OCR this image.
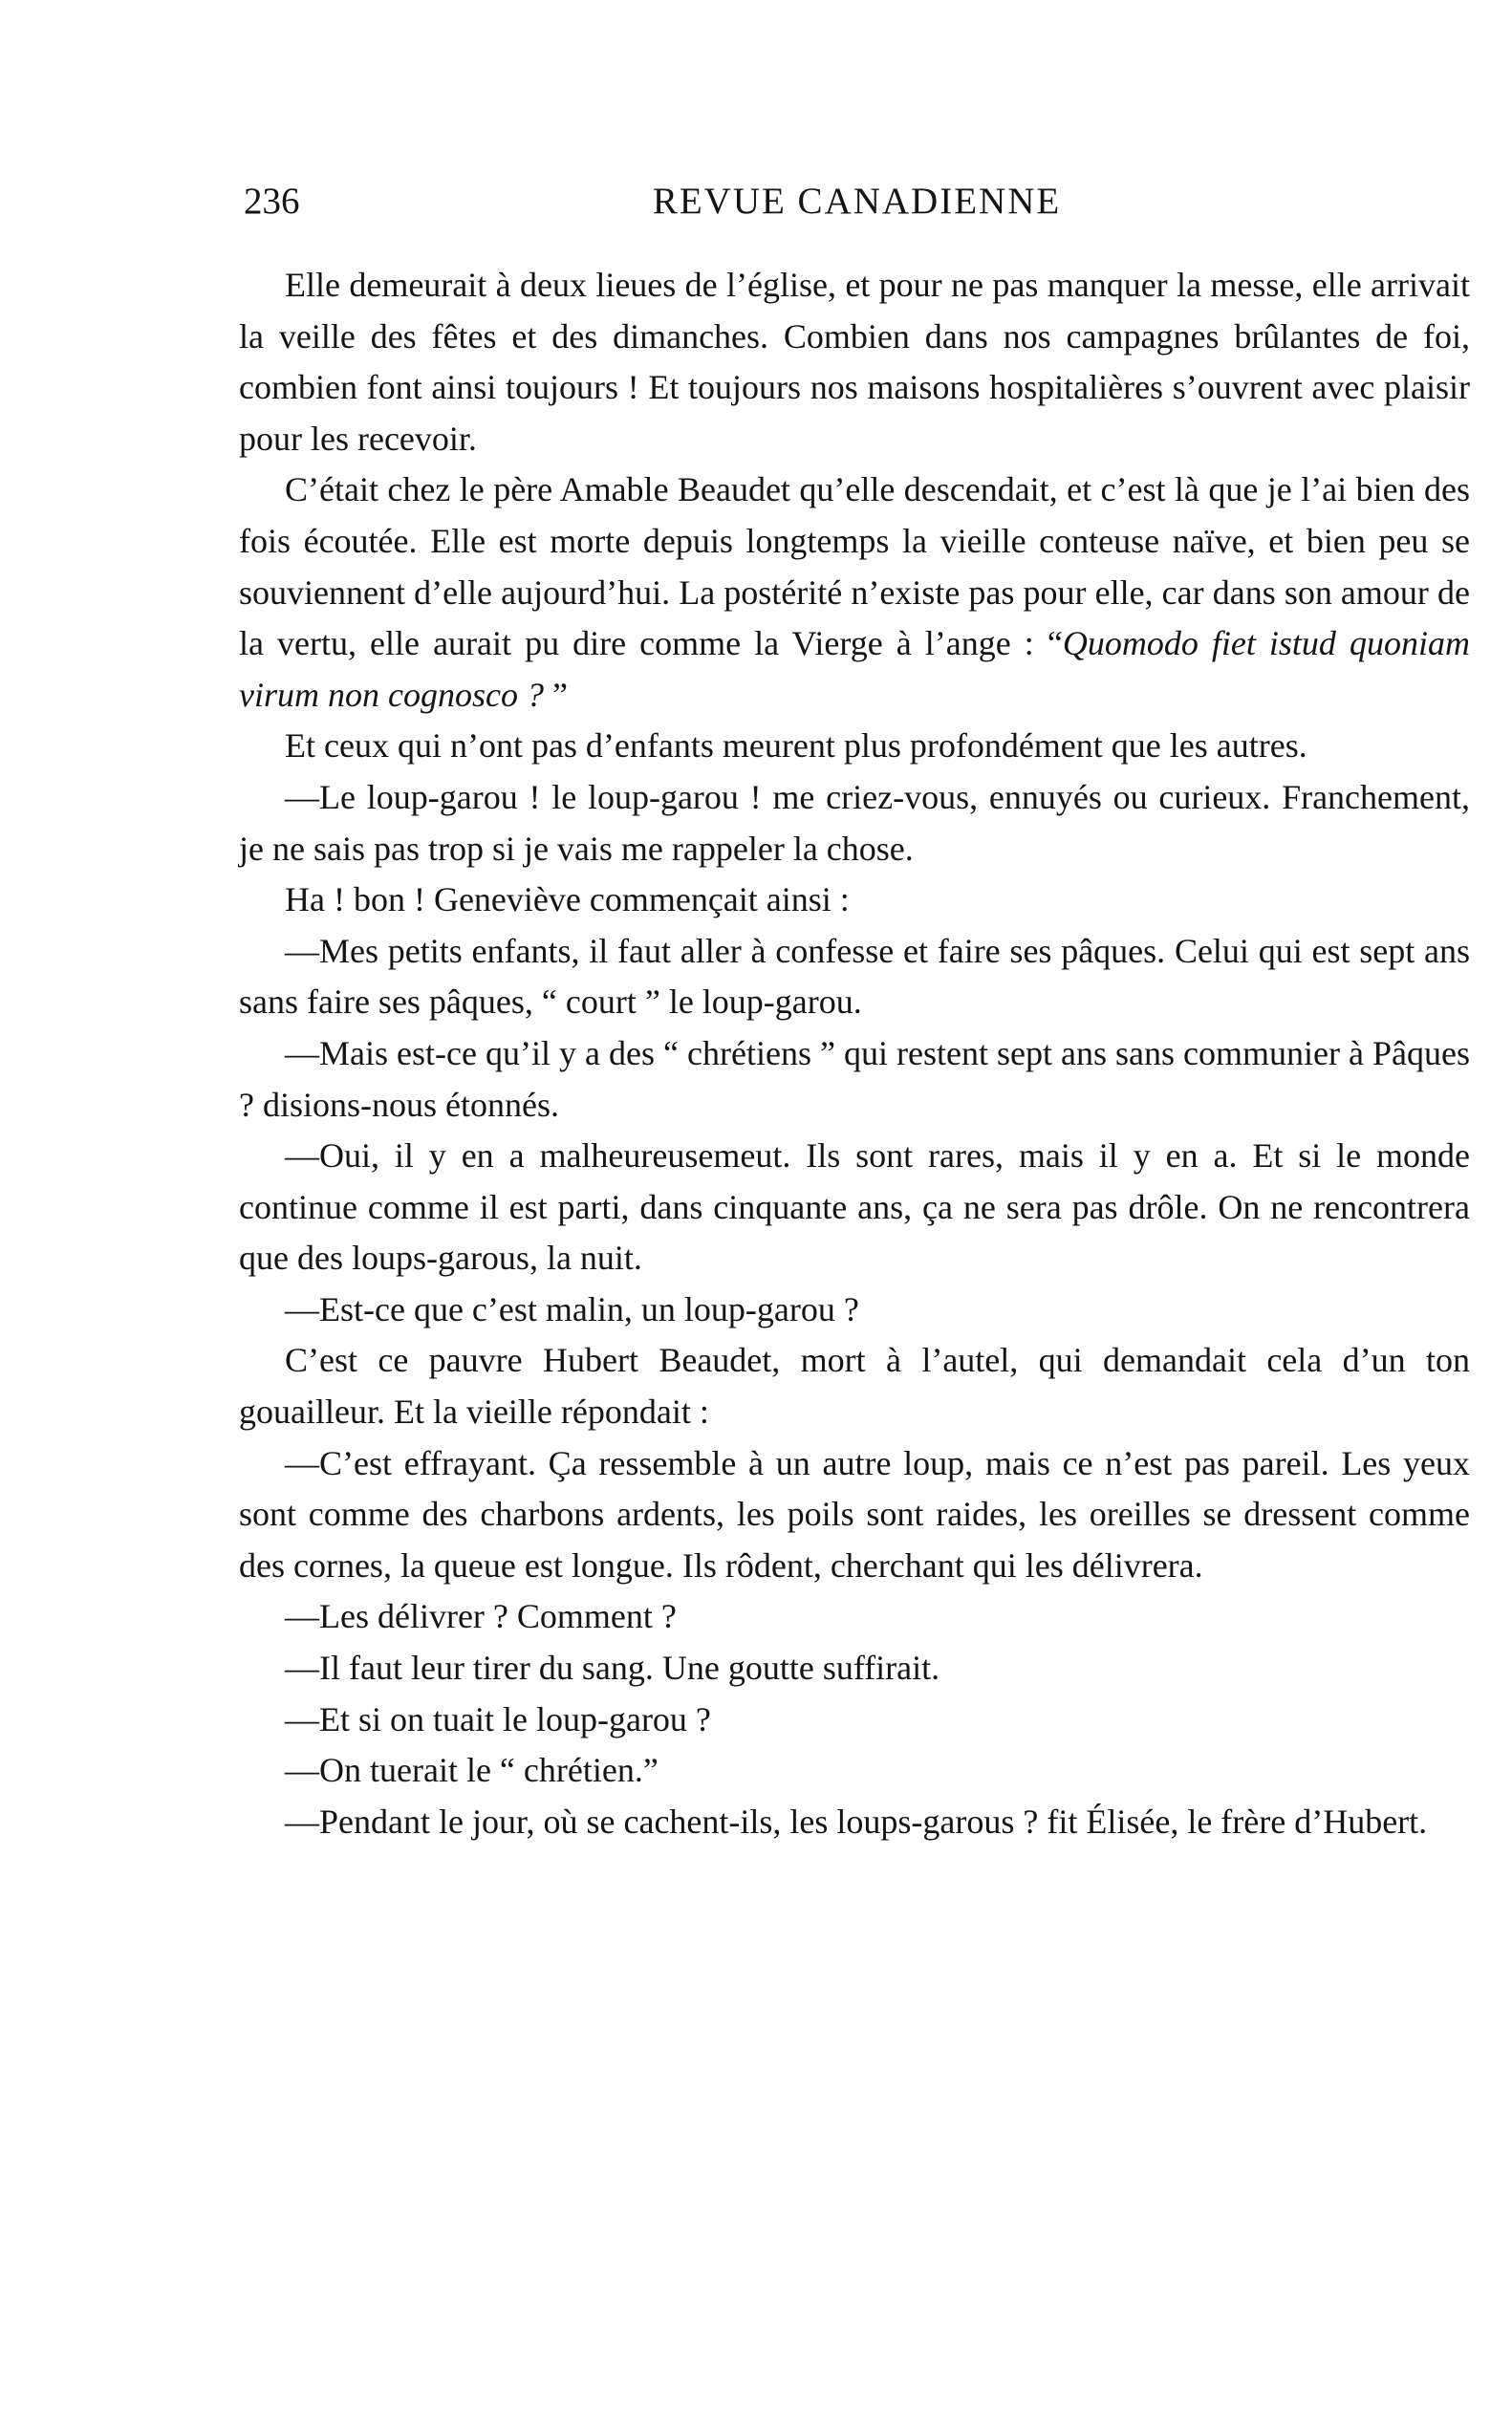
236	REVUE CANADIENNE

Elle demeurait à deux lieues de l’église, et pour ne pas manquer la messe, elle arrivait la veille des fêtes et des dimanches. Combien dans nos campagnes brûlantes de foi, combien font ainsi toujours ! Et toujours nos maisons hospitalières s’ouvrent avec plaisir pour les recevoir.

C’était chez le père Amable Beaudet qu’elle descendait, et c’est là que je l’ai bien des fois écoutée. Elle est morte depuis longtemps la vieille conteuse naïve, et bien peu se souviennent d’elle aujourd’hui. La postérité n’existe pas pour elle, car dans son amour de la vertu, elle aurait pu dire comme la Vierge à l’ange : “Quomodo fiet istud quoniam virum non cognosco ? ”

Et ceux qui n’ont pas d’enfants meurent plus profondément que les autres.

—Le loup-garou ! le loup-garou ! me criez-vous, ennuyés ou curieux. Franchement, je ne sais pas trop si je vais me rappeler la chose.

Ha ! bon ! Geneviève commençait ainsi :

—Mes petits enfants, il faut aller à confesse et faire ses pâques. Celui qui est sept ans sans faire ses pâques, “ court ” le loup-garou.

—Mais est-ce qu’il y a des “ chrétiens ” qui restent sept ans sans communier à Pâques ? disions-nous étonnés.

—Oui, il y en a malheureusemeut. Ils sont rares, mais il y en a. Et si le monde continue comme il est parti, dans cinquante ans, ça ne sera pas drôle. On ne rencontrera que des loups-garous, la nuit.

—Est-ce que c’est malin, un loup-garou ?

C’est ce pauvre Hubert Beaudet, mort à l’autel, qui demandait cela d’un ton gouailleur. Et la vieille répondait :

—C’est effrayant. Ça ressemble à un autre loup, mais ce n’est pas pareil. Les yeux sont comme des charbons ardents, les poils sont raides, les oreilles se dressent comme des cornes, la queue est longue. Ils rôdent, cherchant qui les délivrera.

—Les délivrer ? Comment ?

—Il faut leur tirer du sang. Une goutte suffirait.

—Et si on tuait le loup-garou ?

—On tuerait le “ chrétien.”

—Pendant le jour, où se cachent-ils, les loups-garous ? fit Élisée, le frère d’Hubert.
